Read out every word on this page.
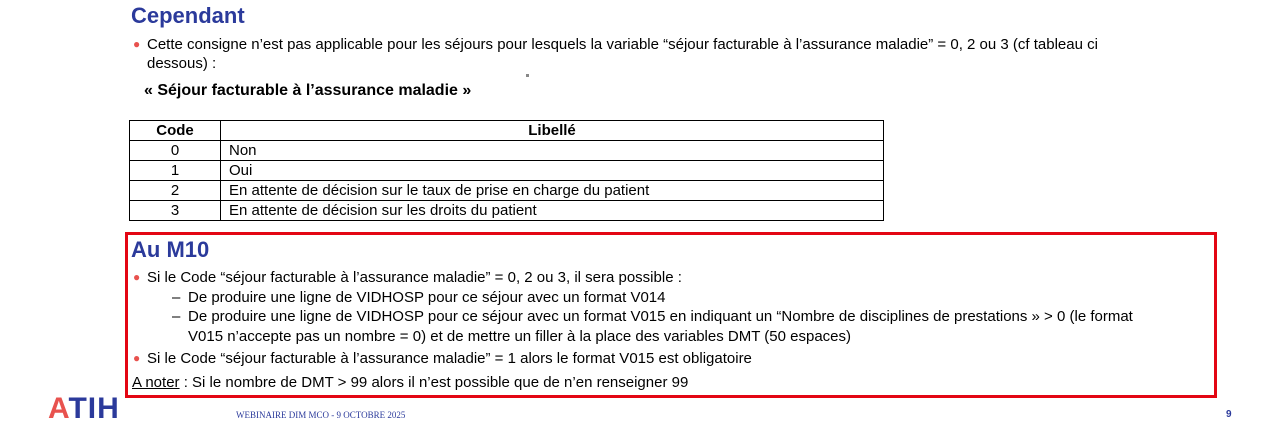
Cependant
● Cette consigne n’est pas applicable pour les séjours pour lesquels la variable “séjour facturable à l’assurance maladie” = 0, 2 ou 3 (cf tableau ci
dessous) :
« Séjour facturable à l’assurance maladie »
Code	Libellé
0	Non
1	Oui
2	En attente de décision sur le taux de prise en charge du patient
3	En attente de décision sur les droits du patient
Au M10
● Si le Code “séjour facturable à l’assurance maladie” = 0, 2 ou 3, il sera possible :
– De produire une ligne de VIDHOSP pour ce séjour avec un format V014
– De produire une ligne de VIDHOSP pour ce séjour avec un format V015 en indiquant un “Nombre de disciplines de prestations » > 0 (le format
V015 n’accepte pas un nombre = 0) et de mettre un filler à la place des variables DMT (50 espaces)
● Si le Code “séjour facturable à l’assurance maladie” = 1 alors le format V015 est obligatoire
A noter : Si le nombre de DMT > 99 alors il n’est possible que de n’en renseigner 99
ATIH	WEBINAIRE DIM MCO - 9 OCTOBRE 2025	9
